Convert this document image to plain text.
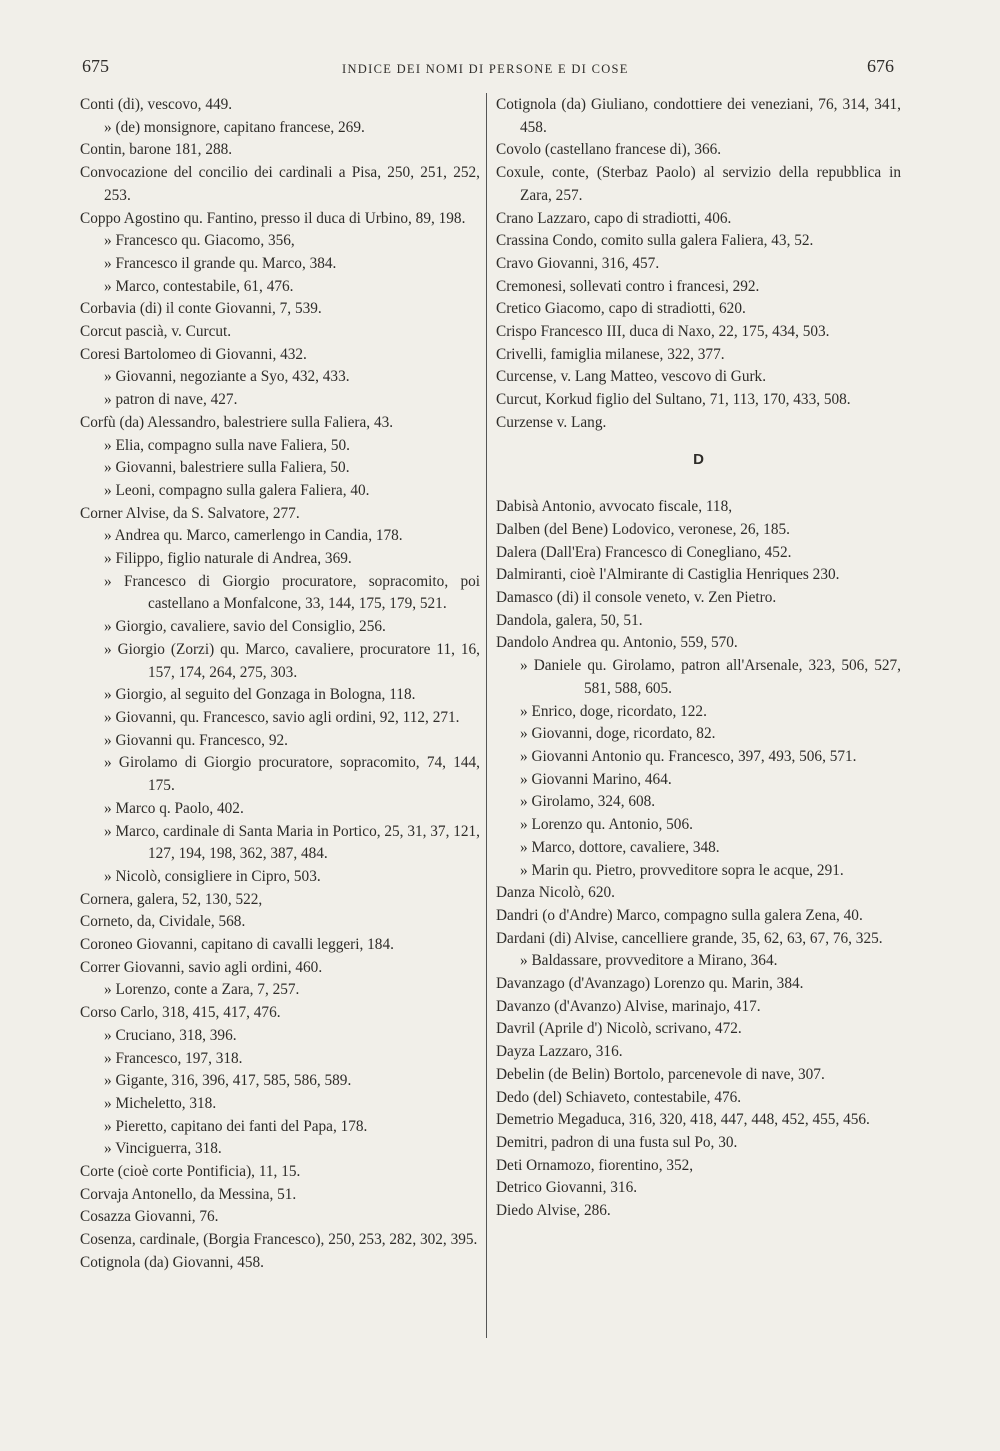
675	INDICE DEI NOMI DI PERSONE E DI COSE	676

Conti (di), vescovo, 449.

» (de) monsignore, capitano francese, 269.

Contin, barone 181, 288.

Convocazione del concilio dei cardinali a Pisa, 250, 251, 252, 253.

Coppo Agostino qu. Fantino, presso il duca di Urbino, 89, 198.

» Francesco qu. Giacomo, 356,

» Francesco il grande qu. Marco, 384.

» Marco, contestabile, 61, 476.

Corbavia (di) il conte Giovanni, 7, 539.

Corcut pascià, v. Curcut.

Coresi Bartolomeo di Giovanni, 432.

» Giovanni, negoziante a Syo, 432, 433.

» patron di nave, 427.

Corfù (da) Alessandro, balestriere sulla Faliera, 43.

» Elia, compagno sulla nave Faliera, 50.

» Giovanni, balestriere sulla Faliera, 50.

» Leoni, compagno sulla galera Faliera, 40.

Corner Alvise, da S. Salvatore, 277.

» Andrea qu. Marco, camerlengo in Candia, 178.

» Filippo, figlio naturale di Andrea, 369.

» Francesco di Giorgio procuratore, sopracomito, poi castellano a Monfalcone, 33, 144, 175, 179, 521.

» Giorgio, cavaliere, savio del Consiglio, 256.

» Giorgio (Zorzi) qu. Marco, cavaliere, procuratore 11, 16, 157, 174, 264, 275, 303.

» Giorgio, al seguito del Gonzaga in Bologna, 118.

» Giovanni, qu. Francesco, savio agli ordini, 92, 112, 271.

» Giovanni qu. Francesco, 92.

» Girolamo di Giorgio procuratore, sopracomito, 74, 144, 175.

» Marco q. Paolo, 402.

» Marco, cardinale di Santa Maria in Portico, 25, 31, 37, 121, 127, 194, 198, 362, 387, 484.

» Nicolò, consigliere in Cipro, 503.

Cornera, galera, 52, 130, 522,

Corneto, da, Cividale, 568.

Coroneo Giovanni, capitano di cavalli leggeri, 184.

Correr Giovanni, savio agli ordini, 460.

» Lorenzo, conte a Zara, 7, 257.

Corso Carlo, 318, 415, 417, 476.

» Cruciano, 318, 396.

» Francesco, 197, 318.

» Gigante, 316, 396, 417, 585, 586, 589.

» Micheletto, 318.

» Pieretto, capitano dei fanti del Papa, 178.

» Vinciguerra, 318.

Corte (cioè corte Pontificia), 11, 15.

Corvaja Antonello, da Messina, 51.

Cosazza Giovanni, 76.

Cosenza, cardinale, (Borgia Francesco), 250, 253, 282, 302, 395.

Cotignola (da) Giovanni, 458.

Cotignola (da) Giuliano, condottiere dei veneziani, 76, 314, 341, 458.

Covolo (castellano francese di), 366.

Coxule, conte, (Sterbaz Paolo) al servizio della repubblica in Zara, 257.

Crano Lazzaro, capo di stradiotti, 406.

Crassina Condo, comito sulla galera Faliera, 43, 52.

Cravo Giovanni, 316, 457.

Cremonesi, sollevati contro i francesi, 292.

Cretico Giacomo, capo di stradiotti, 620.

Crispo Francesco III, duca di Naxo, 22, 175, 434, 503.

Crivelli, famiglia milanese, 322, 377.

Curcense, v. Lang Matteo, vescovo di Gurk.

Curcut, Korkud figlio del Sultano, 71, 113, 170, 433, 508.

Curzense v. Lang.

D

Dabisà Antonio, avvocato fiscale, 118,

Dalben (del Bene) Lodovico, veronese, 26, 185.

Dalera (Dall'Era) Francesco di Conegliano, 452.

Dalmiranti, cioè l'Almirante di Castiglia Henriques 230.

Damasco (di) il console veneto, v. Zen Pietro.

Dandola, galera, 50, 51.

Dandolo Andrea qu. Antonio, 559, 570.

» Daniele qu. Girolamo, patron all'Arsenale, 323, 506, 527, 581, 588, 605.

» Enrico, doge, ricordato, 122.

» Giovanni, doge, ricordato, 82.

» Giovanni Antonio qu. Francesco, 397, 493, 506, 571.

» Giovanni Marino, 464.

» Girolamo, 324, 608.

» Lorenzo qu. Antonio, 506.

» Marco, dottore, cavaliere, 348.

» Marin qu. Pietro, provveditore sopra le acque, 291.

Danza Nicolò, 620.

Dandri (o d'Andre) Marco, compagno sulla galera Zena, 40.

Dardani (di) Alvise, cancelliere grande, 35, 62, 63, 67, 76, 325.

» Baldassare, provveditore a Mirano, 364.

Davanzago (d'Avanzago) Lorenzo qu. Marin, 384.

Davanzo (d'Avanzo) Alvise, marinajo, 417.

Davril (Aprile d') Nicolò, scrivano, 472.

Dayza Lazzaro, 316.

Debelin (de Belin) Bortolo, parcenevole di nave, 307.

Dedo (del) Schiaveto, contestabile, 476.

Demetrio Megaduca, 316, 320, 418, 447, 448, 452, 455, 456.

Demitri, padron di una fusta sul Po, 30.

Deti Ornamozo, fiorentino, 352,

Detrico Giovanni, 316.

Diedo Alvise, 286.
